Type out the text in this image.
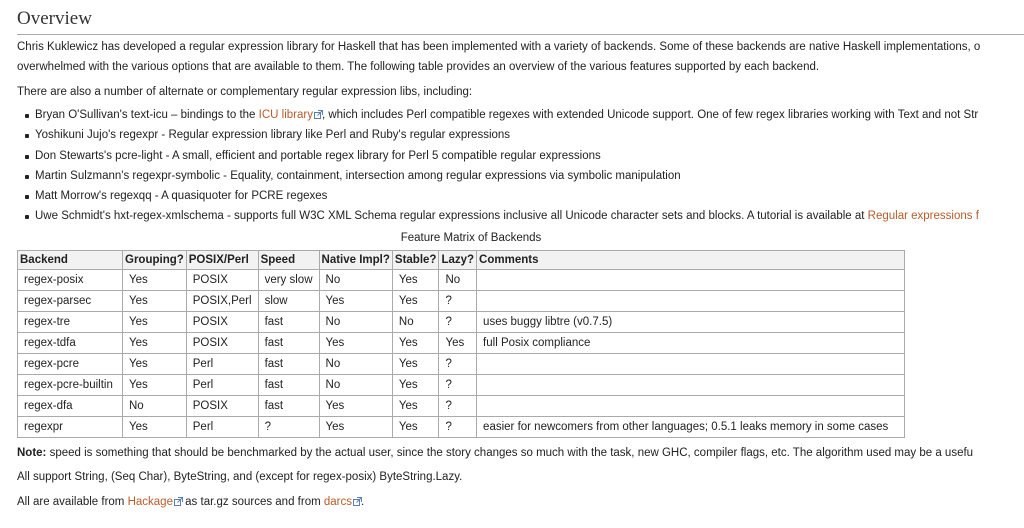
Overview
Chris Kuklewicz has developed a regular expression library for Haskell that has been implemented with a variety of backends. Some of these backends are native Haskell implementations, o
overwhelmed with the various options that are available to them. The following table provides an overview of the various features supported by each backend.
There are also a number of alternate or complementary regular expression libs, including:
Bryan O'Sullivan's text-icu – bindings to the ICU library , which includes Perl compatible regexes with extended Unicode support. One of few regex libraries working with Text and not Str
Yoshikuni Jujo's regexpr - Regular expression library like Perl and Ruby's regular expressions
Don Stewarts's pcre-light - A small, efficient and portable regex library for Perl 5 compatible regular expressions
Martin Sulzmann's regexpr-symbolic - Equality, containment, intersection among regular expressions via symbolic manipulation
Matt Morrow's regexqq - A quasiquoter for PCRE regexes
Uwe Schmidt's hxt-regex-xmlschema - supports full W3C XML Schema regular expressions inclusive all Unicode character sets and blocks. A tutorial is available at Regular expressions f
Feature Matrix of Backends
Backend	Grouping?	POSIX/Perl	Speed	Native Impl?	Stable?	Lazy?	Comments
regex-posix	Yes	POSIX	very slow	No	Yes	No	
regex-parsec	Yes	POSIX,Perl	slow	Yes	Yes	?	
regex-tre	Yes	POSIX	fast	No	No	?	uses buggy libtre (v0.7.5)
regex-tdfa	Yes	POSIX	fast	Yes	Yes	Yes	full Posix compliance
regex-pcre	Yes	Perl	fast	No	Yes	?	
regex-pcre-builtin	Yes	Perl	fast	No	Yes	?	
regex-dfa	No	POSIX	fast	Yes	Yes	?	
regexpr	Yes	Perl	?	Yes	Yes	?	easier for newcomers from other languages; 0.5.1 leaks memory in some cases
Note: speed is something that should be benchmarked by the actual user, since the story changes so much with the task, new GHC, compiler flags, etc. The algorithm used may be a usefu
All support String, (Seq Char), ByteString, and (except for regex-posix) ByteString.Lazy.
All are available from Hackage
as tar.gz sources and from darcs .
